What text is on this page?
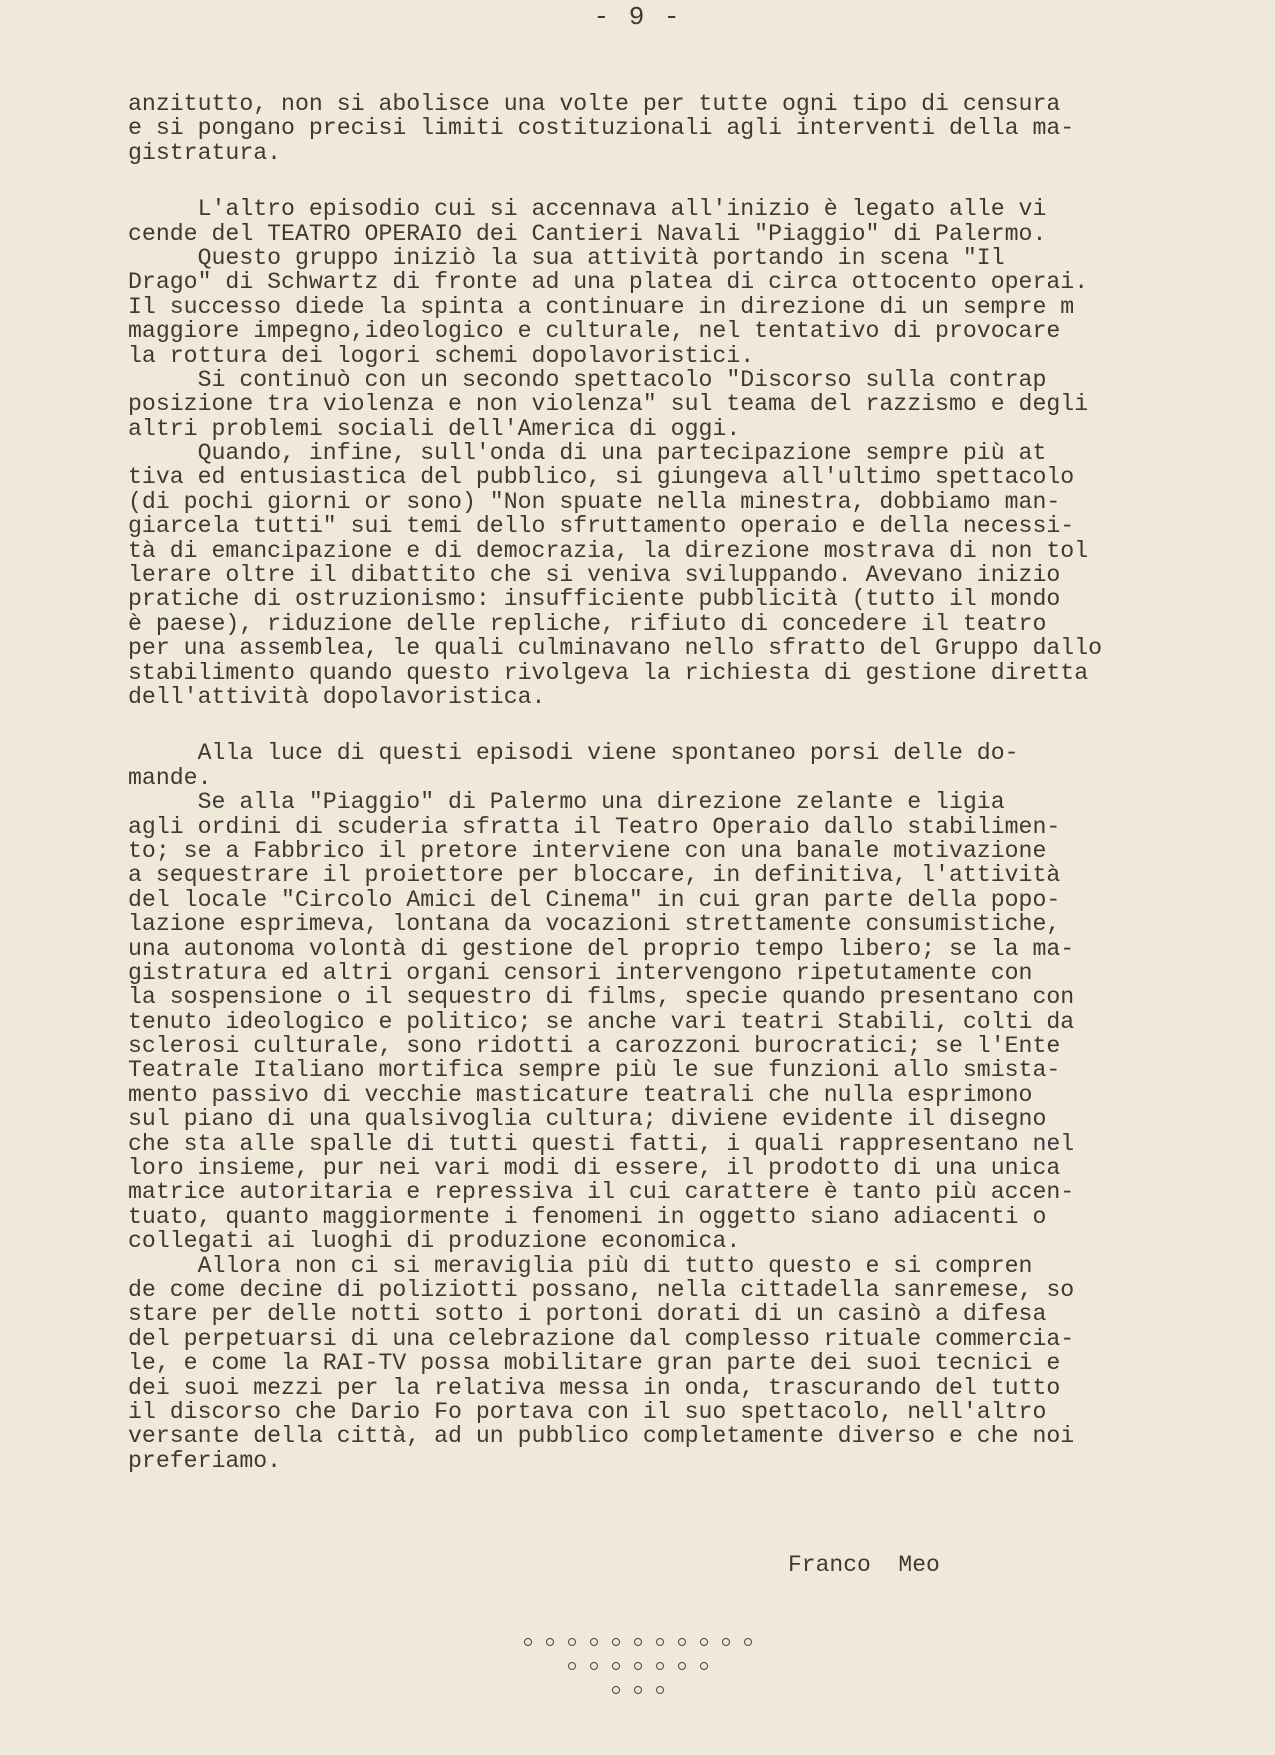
- 9 -
anzitutto, non si abolisce una volte per tutte ogni tipo di censura
e si pongano precisi limiti costituzionali agli interventi della ma-
gistratura.
L'altro episodio cui si accennava all'inizio è legato alle vi
cende del TEATRO OPERAIO dei Cantieri Navali "Piaggio" di Palermo.
Questo gruppo iniziò la sua attività portando in scena "Il
Drago" di Schwartz di fronte ad una platea di circa ottocento operai.
Il successo diede la spinta a continuare in direzione di un sempre m
maggiore impegno,ideologico e culturale, nel tentativo di provocare
la rottura dei logori schemi dopolavoristici.
Si continuò con un secondo spettacolo "Discorso sulla contrap
posizione tra violenza e non violenza" sul teama del razzismo e degli
altri problemi sociali dell'America di oggi.
Quando, infine, sull'onda di una partecipazione sempre più at
tiva ed entusiastica del pubblico, si giungeva all'ultimo spettacolo
(di pochi giorni or sono) "Non spuate nella minestra, dobbiamo man-
giarcela tutti" sui temi dello sfruttamento operaio e della necessi-
tà di emancipazione e di democrazia, la direzione mostrava di non tol
lerare oltre il dibattito che si veniva sviluppando. Avevano inizio
pratiche di ostruzionismo: insufficiente pubblicità (tutto il mondo
è paese), riduzione delle repliche, rifiuto di concedere il teatro
per una assemblea, le quali culminavano nello sfratto del Gruppo dallo
stabilimento quando questo rivolgeva la richiesta di gestione diretta
dell'attività dopolavoristica.
Alla luce di questi episodi viene spontaneo porsi delle do-
mande.
Se alla "Piaggio" di Palermo una direzione zelante e ligia
agli ordini di scuderia sfratta il Teatro Operaio dallo stabilimen-
to; se a Fabbrico il pretore interviene con una banale motivazione
a sequestrare il proiettore per bloccare, in definitiva, l'attività
del locale "Circolo Amici del Cinema" in cui gran parte della popo-
lazione esprimeva, lontana da vocazioni strettamente consumistiche,
una autonoma volontà di gestione del proprio tempo libero; se la ma-
gistratura ed altri organi censori intervengono ripetutamente con
la sospensione o il sequestro di films, specie quando presentano con
tenuto ideologico e politico; se anche vari teatri Stabili, colti da
sclerosi culturale, sono ridotti a carozzoni burocratici; se l'Ente
Teatrale Italiano mortifica sempre più le sue funzioni allo smista-
mento passivo di vecchie masticature teatrali che nulla esprimono
sul piano di una qualsivoglia cultura; diviene evidente il disegno
che sta alle spalle di tutti questi fatti, i quali rappresentano nel
loro insieme, pur nei vari modi di essere, il prodotto di una unica
matrice autoritaria e repressiva il cui carattere è tanto più accen-
tuato, quanto maggiormente i fenomeni in oggetto siano adiacenti o
collegati ai luoghi di produzione economica.
Allora non ci si meraviglia più di tutto questo e si compren
de come decine di poliziotti possano, nella cittadella sanremese, so
stare per delle notti sotto i portoni dorati di un casinò a difesa
del perpetuarsi di una celebrazione dal complesso rituale commercia-
le, e come la RAI-TV possa mobilitare gran parte dei suoi tecnici e
dei suoi mezzi per la relativa messa in onda, trascurando del tutto
il discorso che Dario Fo portava con il suo spettacolo, nell'altro
versante della città, ad un pubblico completamente diverso e che noi
preferiamo.
Franco  Meo
